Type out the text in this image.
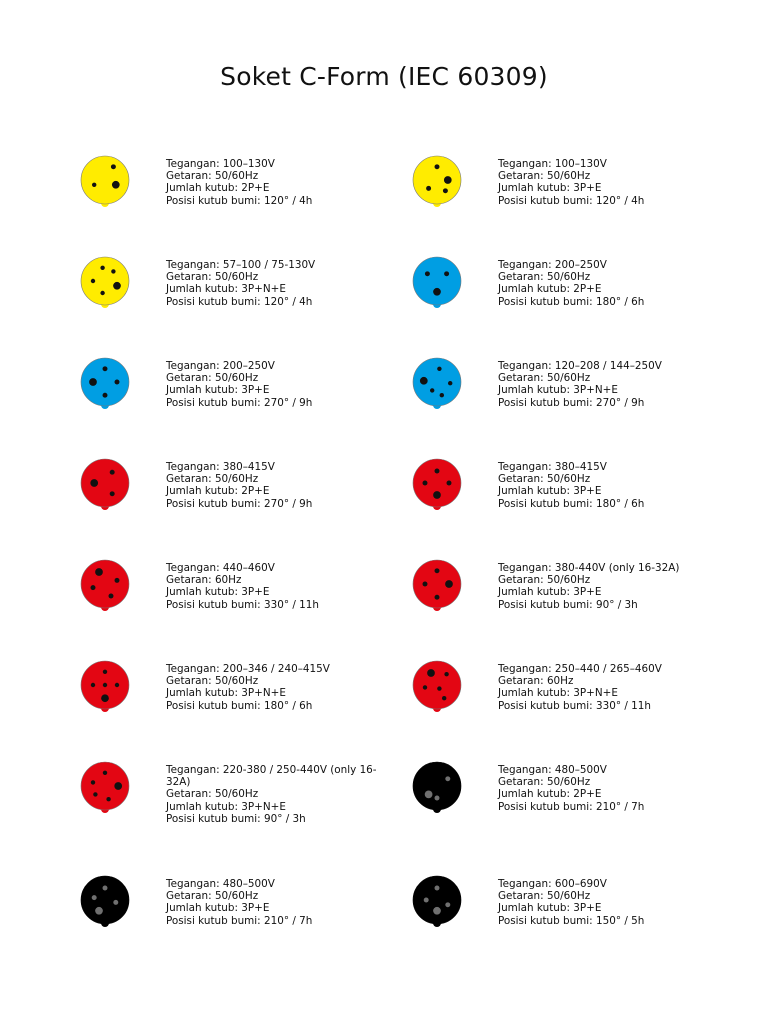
Soket C-Form (IEC 60309)
Tegangan: 100–130V
Getaran: 50/60Hz
Jumlah kutub: 2P+E
Posisi kutub bumi: 120° / 4h
Tegangan: 100–130V
Getaran: 50/60Hz
Jumlah kutub: 3P+E
Posisi kutub bumi: 120° / 4h
Tegangan: 57–100 / 75-130V
Getaran: 50/60Hz
Jumlah kutub: 3P+N+E
Posisi kutub bumi: 120° / 4h
Tegangan: 200–250V
Getaran: 50/60Hz
Jumlah kutub: 2P+E
Posisi kutub bumi: 180° / 6h
Tegangan: 200–250V
Getaran: 50/60Hz
Jumlah kutub: 3P+E
Posisi kutub bumi: 270° / 9h
Tegangan: 120–208 / 144–250V
Getaran: 50/60Hz
Jumlah kutub: 3P+N+E
Posisi kutub bumi: 270° / 9h
Tegangan: 380–415V
Getaran: 50/60Hz
Jumlah kutub: 2P+E
Posisi kutub bumi: 270° / 9h
Tegangan: 380–415V
Getaran: 50/60Hz
Jumlah kutub: 3P+E
Posisi kutub bumi: 180° / 6h
Tegangan: 440–460V
Getaran: 60Hz
Jumlah kutub: 3P+E
Posisi kutub bumi: 330° / 11h
Tegangan: 380-440V (only 16-32A)
Getaran: 50/60Hz
Jumlah kutub: 3P+E
Posisi kutub bumi: 90° / 3h
Tegangan: 200–346 / 240–415V
Getaran: 50/60Hz
Jumlah kutub: 3P+N+E
Posisi kutub bumi: 180° / 6h
Tegangan: 250–440 / 265–460V
Getaran: 60Hz
Jumlah kutub: 3P+N+E
Posisi kutub bumi: 330° / 11h
Tegangan: 220-380 / 250-440V (only 16-32A)
Getaran: 50/60Hz
Jumlah kutub: 3P+N+E
Posisi kutub bumi: 90° / 3h
Tegangan: 480–500V
Getaran: 50/60Hz
Jumlah kutub: 2P+E
Posisi kutub bumi: 210° / 7h
Tegangan: 480–500V
Getaran: 50/60Hz
Jumlah kutub: 3P+E
Posisi kutub bumi: 210° / 7h
Tegangan: 600–690V
Getaran: 50/60Hz
Jumlah kutub: 3P+E
Posisi kutub bumi: 150° / 5h
